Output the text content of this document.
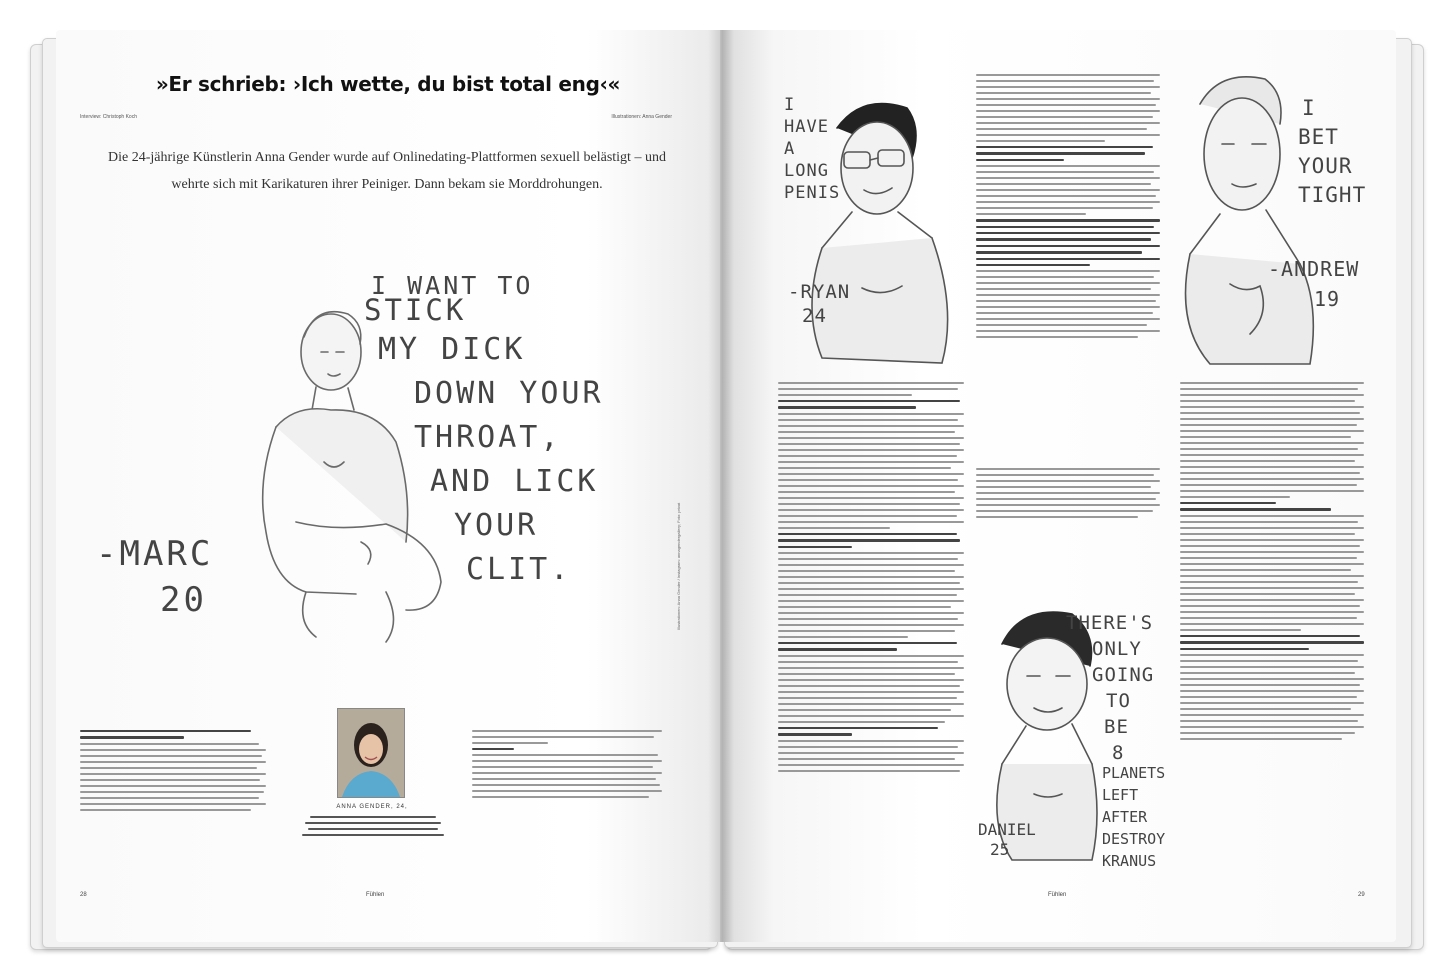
»Er schrieb: ›Ich wette, du bist total eng‹«
Interview: Christoph Koch	Illustrationen: Anna Gender
Die 24-jährige Künstlerin Anna Gender wurde auf Onlinedating-Plattformen sexuell belästigt – und wehrte sich mit Karikaturen ihrer Peiniger. Dann bekam sie Morddrohungen.
I WANT TO
STICK
MY DICK
DOWN YOUR
THROAT,
AND LICK
YOUR
CLIT.
-MARC
20
ANNA GENDER, 24,
28	Fühlen
Illustrationen: Anna Gender / Instagram: annagendergallery; Foto: privat
I
HAVE
A
LONG
PENIS
-RYAN
24
I
BET
YOUR
TIGHT
-ANDREW
19
THERE'S
ONLY
GOING
TO
BE
8
PLANETS
LEFT
AFTER
DESTROY
KRANUS
DANIEL
25
Fühlen	29
